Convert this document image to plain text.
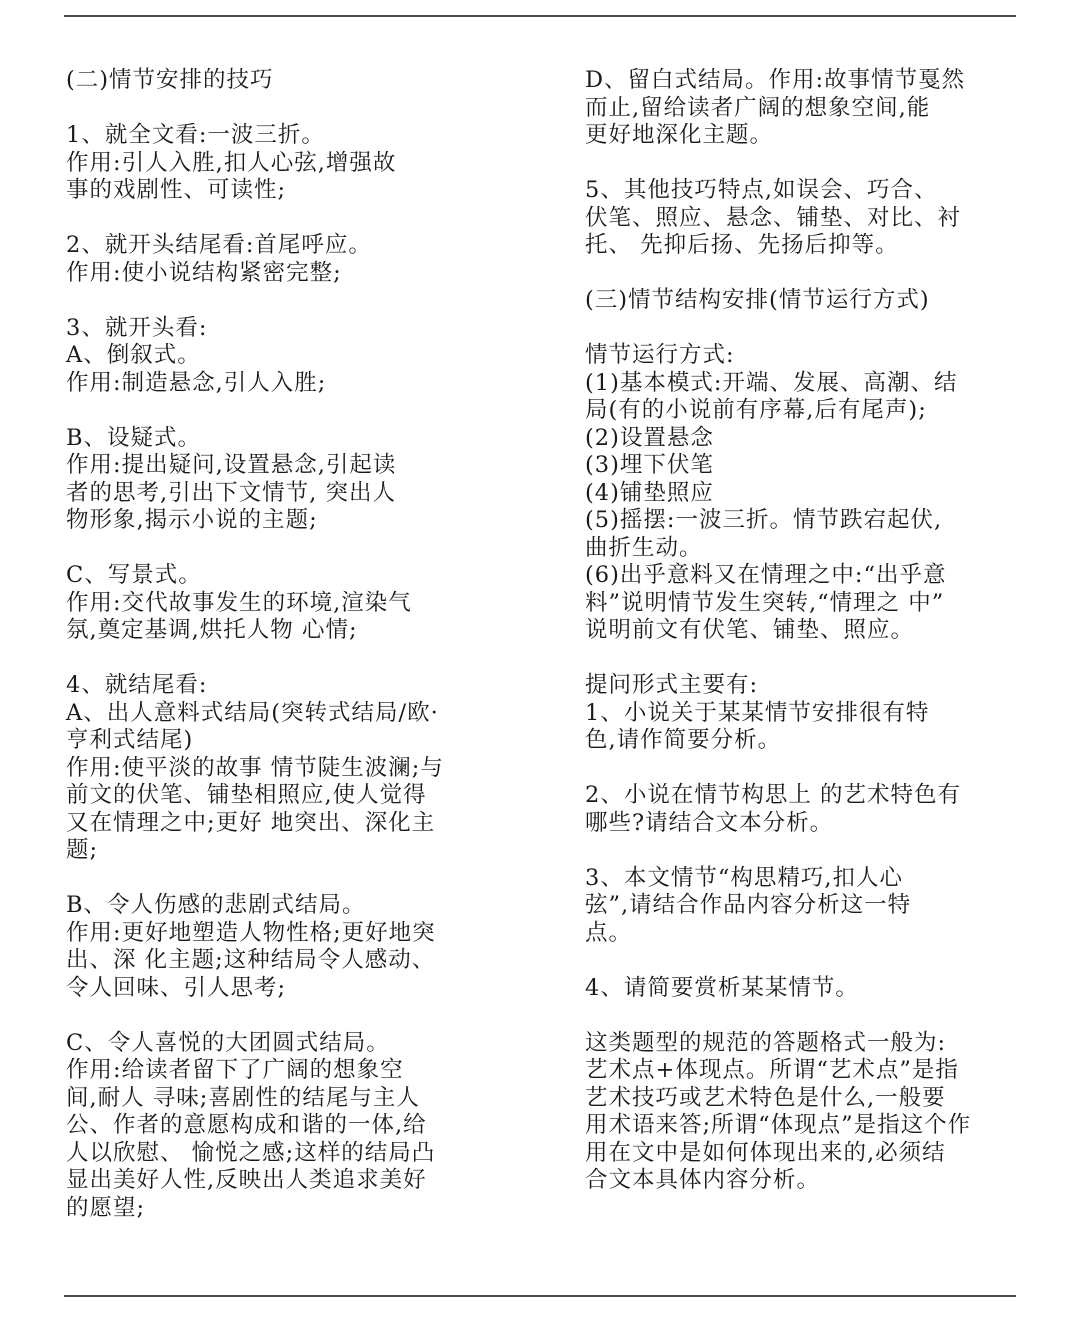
(二)情节安排的技巧

1、就全文看:一波三折。
作用:引人入胜,扣人心弦,增强故
事的戏剧性、可读性;

2、就开头结尾看:首尾呼应。
作用:使小说结构紧密完整;

3、就开头看:
A、倒叙式。
作用:制造悬念,引人入胜;

B、设疑式。
作用:提出疑问,设置悬念,引起读
者的思考,引出下文情节, 突出人
物形象,揭示小说的主题;

C、写景式。
作用:交代故事发生的环境,渲染气
氛,奠定基调,烘托人物 心情;

4、就结尾看:
A、出人意料式结局(突转式结局/欧·
亨利式结尾)
作用:使平淡的故事 情节陡生波澜;与
前文的伏笔、铺垫相照应,使人觉得
又在情理之中;更好 地突出、深化主
题;

B、令人伤感的悲剧式结局。
作用:更好地塑造人物性格;更好地突
出、深 化主题;这种结局令人感动、
令人回味、引人思考;

C、令人喜悦的大团圆式结局。
作用:给读者留下了广阔的想象空
间,耐人 寻味;喜剧性的结尾与主人
公、作者的意愿构成和谐的一体,给
人以欣慰、 愉悦之感;这样的结局凸
显出美好人性,反映出人类追求美好
的愿望;

D、留白式结局。作用:故事情节戛然
而止,留给读者广阔的想象空间,能
更好地深化主题。

5、其他技巧特点,如误会、巧合、
伏笔、照应、悬念、铺垫、对比、衬
托、 先抑后扬、先扬后抑等。

(三)情节结构安排(情节运行方式)

情节运行方式:
(1)基本模式:开端、发展、高潮、结
局(有的小说前有序幕,后有尾声);
(2)设置悬念
(3)埋下伏笔
(4)铺垫照应
(5)摇摆:一波三折。情节跌宕起伏,
曲折生动。
(6)出乎意料又在情理之中:“出乎意
料”说明情节发生突转,“情理之 中”
说明前文有伏笔、铺垫、照应。

提问形式主要有:
1、小说关于某某情节安排很有特
色,请作简要分析。

2、小说在情节构思上 的艺术特色有
哪些?请结合文本分析。

3、本文情节“构思精巧,扣人心
弦”,请结合作品内容分析这一特
点。

4、请简要赏析某某情节。

这类题型的规范的答题格式一般为:
艺术点+体现点。所谓“艺术点”是指
艺术技巧或艺术特色是什么,一般要
用术语来答;所谓“体现点”是指这个作
用在文中是如何体现出来的,必须结
合文本具体内容分析。
